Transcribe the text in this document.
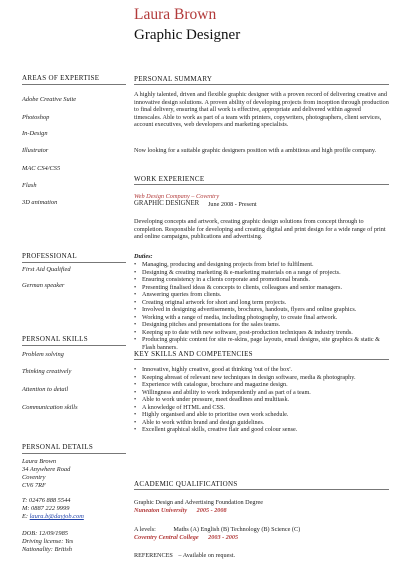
Laura Brown
Graphic Designer
AREAS OF EXPERTISE
Adobe Creative Suite
Photoshop
In-Design
Illustrator
MAC CS4/CS5
Flash
3D animation
PROFESSIONAL
First Aid Qualified
German speaker
PERSONAL SKILLS
Problem solving
Thinking creatively
Attention to detail
Communication skills
PERSONAL DETAILS
Laura Brown
34 Anywhere Road
Coventry
CV6 7RF
T: 02476 888 5544
M: 0887 222 9999
E: laura.b@dayjob.com
DOB: 12/09/1985
Driving license: Yes
Nationality: British
PERSONAL SUMMARY
A highly talented, driven and flexible graphic designer with a proven record of delivering creative and innovative design solutions. A proven ability of developing projects from inception through production to final delivery, ensuring that all work is effective, appropriate and delivered within agreed timescales. Able to work as part of a team with printers, copywriters, photographers, client services, account executives, web developers and marketing specialists.
Now looking for a suitable graphic designers position with a ambitious and high profile company.
WORK EXPERIENCE
Web Design Company – Coventry
GRAPHIC DESIGNER June 2008 - Present
Developing concepts and artwork, creating graphic design solutions from concept through to completion. Responsible for developing and creating digital and print design for a wide range of print and online campaigns, publications and advertising.
Duties:
• Managing, producing and designing projects from brief to fulfilment.
• Designing & creating marketing & e-marketing materials on a range of projects.
• Ensuring consistency in a clients corporate and promotional brands.
• Presenting finalised ideas & concepts to clients, colleagues and senior managers.
• Answering queries from clients.
• Creating original artwork for short and long term projects.
• Involved in designing advertisements, brochures, handouts, flyers and online graphics.
• Working with a range of media, including photography, to create final artwork.
• Designing pitches and presentations for the sales teams.
• Keeping up to date with new software, post-production techniques & industry trends.
• Producing graphic content for site re-skins, page layouts, email designs, site graphics & static & Flash banners.
KEY SKILLS AND COMPETENCIES
• Innovative, highly creative, good at thinking 'out of the box'.
• Keeping abreast of relevant new techniques in design software, media & photography.
• Experience with catalogue, brochure and magazine design.
• Willingness and ability to work independently and as part of a team.
• Able to work under pressure, meet deadlines and multitask.
• A knowledge of HTML and CSS.
• Highly organised and able to prioritise own work schedule.
• Able to work within brand and design guidelines.
• Excellent graphical skills, creative flair and good colour sense.
ACADEMIC QUALIFICATIONS
Graphic Design and Advertising Foundation Degree
Nuneaton University 2005 - 2008
A levels:	Maths (A) English (B) Technology (B) Science (C)
Coventry Central College 2003 - 2005
REFERENCES – Available on request.
